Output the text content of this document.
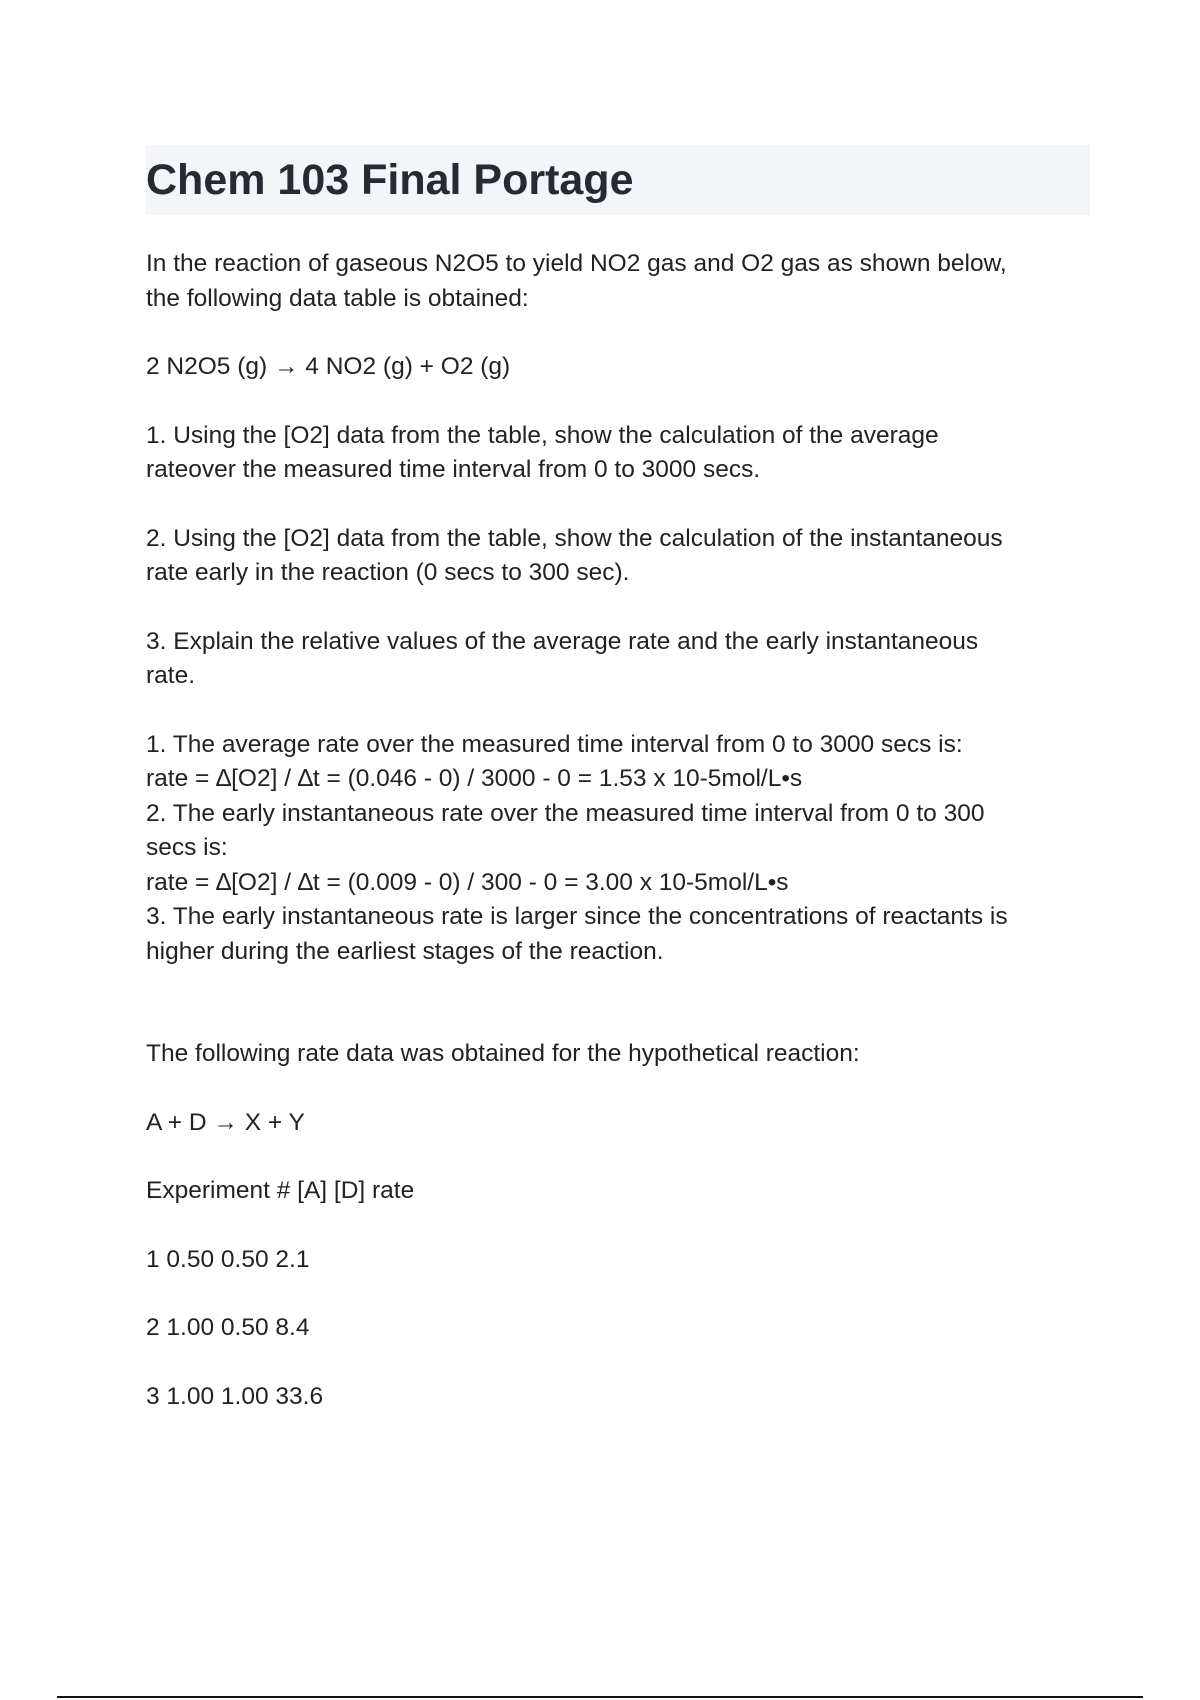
Chem 103 Final Portage

In the reaction of gaseous N2O5 to yield NO2 gas and O2 gas as shown below,
the following data table is obtained:

2 N2O5 (g) → 4 NO2 (g) + O2 (g)

1. Using the [O2] data from the table, show the calculation of the average
rateover the measured time interval from 0 to 3000 secs.

2. Using the [O2] data from the table, show the calculation of the instantaneous
rate early in the reaction (0 secs to 300 sec).

3. Explain the relative values of the average rate and the early instantaneous
rate.

1. The average rate over the measured time interval from 0 to 3000 secs is:
rate = ∆[O2] / ∆t = (0.046 - 0) / 3000 - 0 = 1.53 x 10-5mol/L•s
2. The early instantaneous rate over the measured time interval from 0 to 300
secs is:
rate = ∆[O2] / ∆t = (0.009 - 0) / 300 - 0 = 3.00 x 10-5mol/L•s
3. The early instantaneous rate is larger since the concentrations of reactants is
higher during the earliest stages of the reaction.

The following rate data was obtained for the hypothetical reaction:

A + D → X + Y

Experiment # [A] [D] rate

1 0.50 0.50 2.1

2 1.00 0.50 8.4

3 1.00 1.00 33.6
